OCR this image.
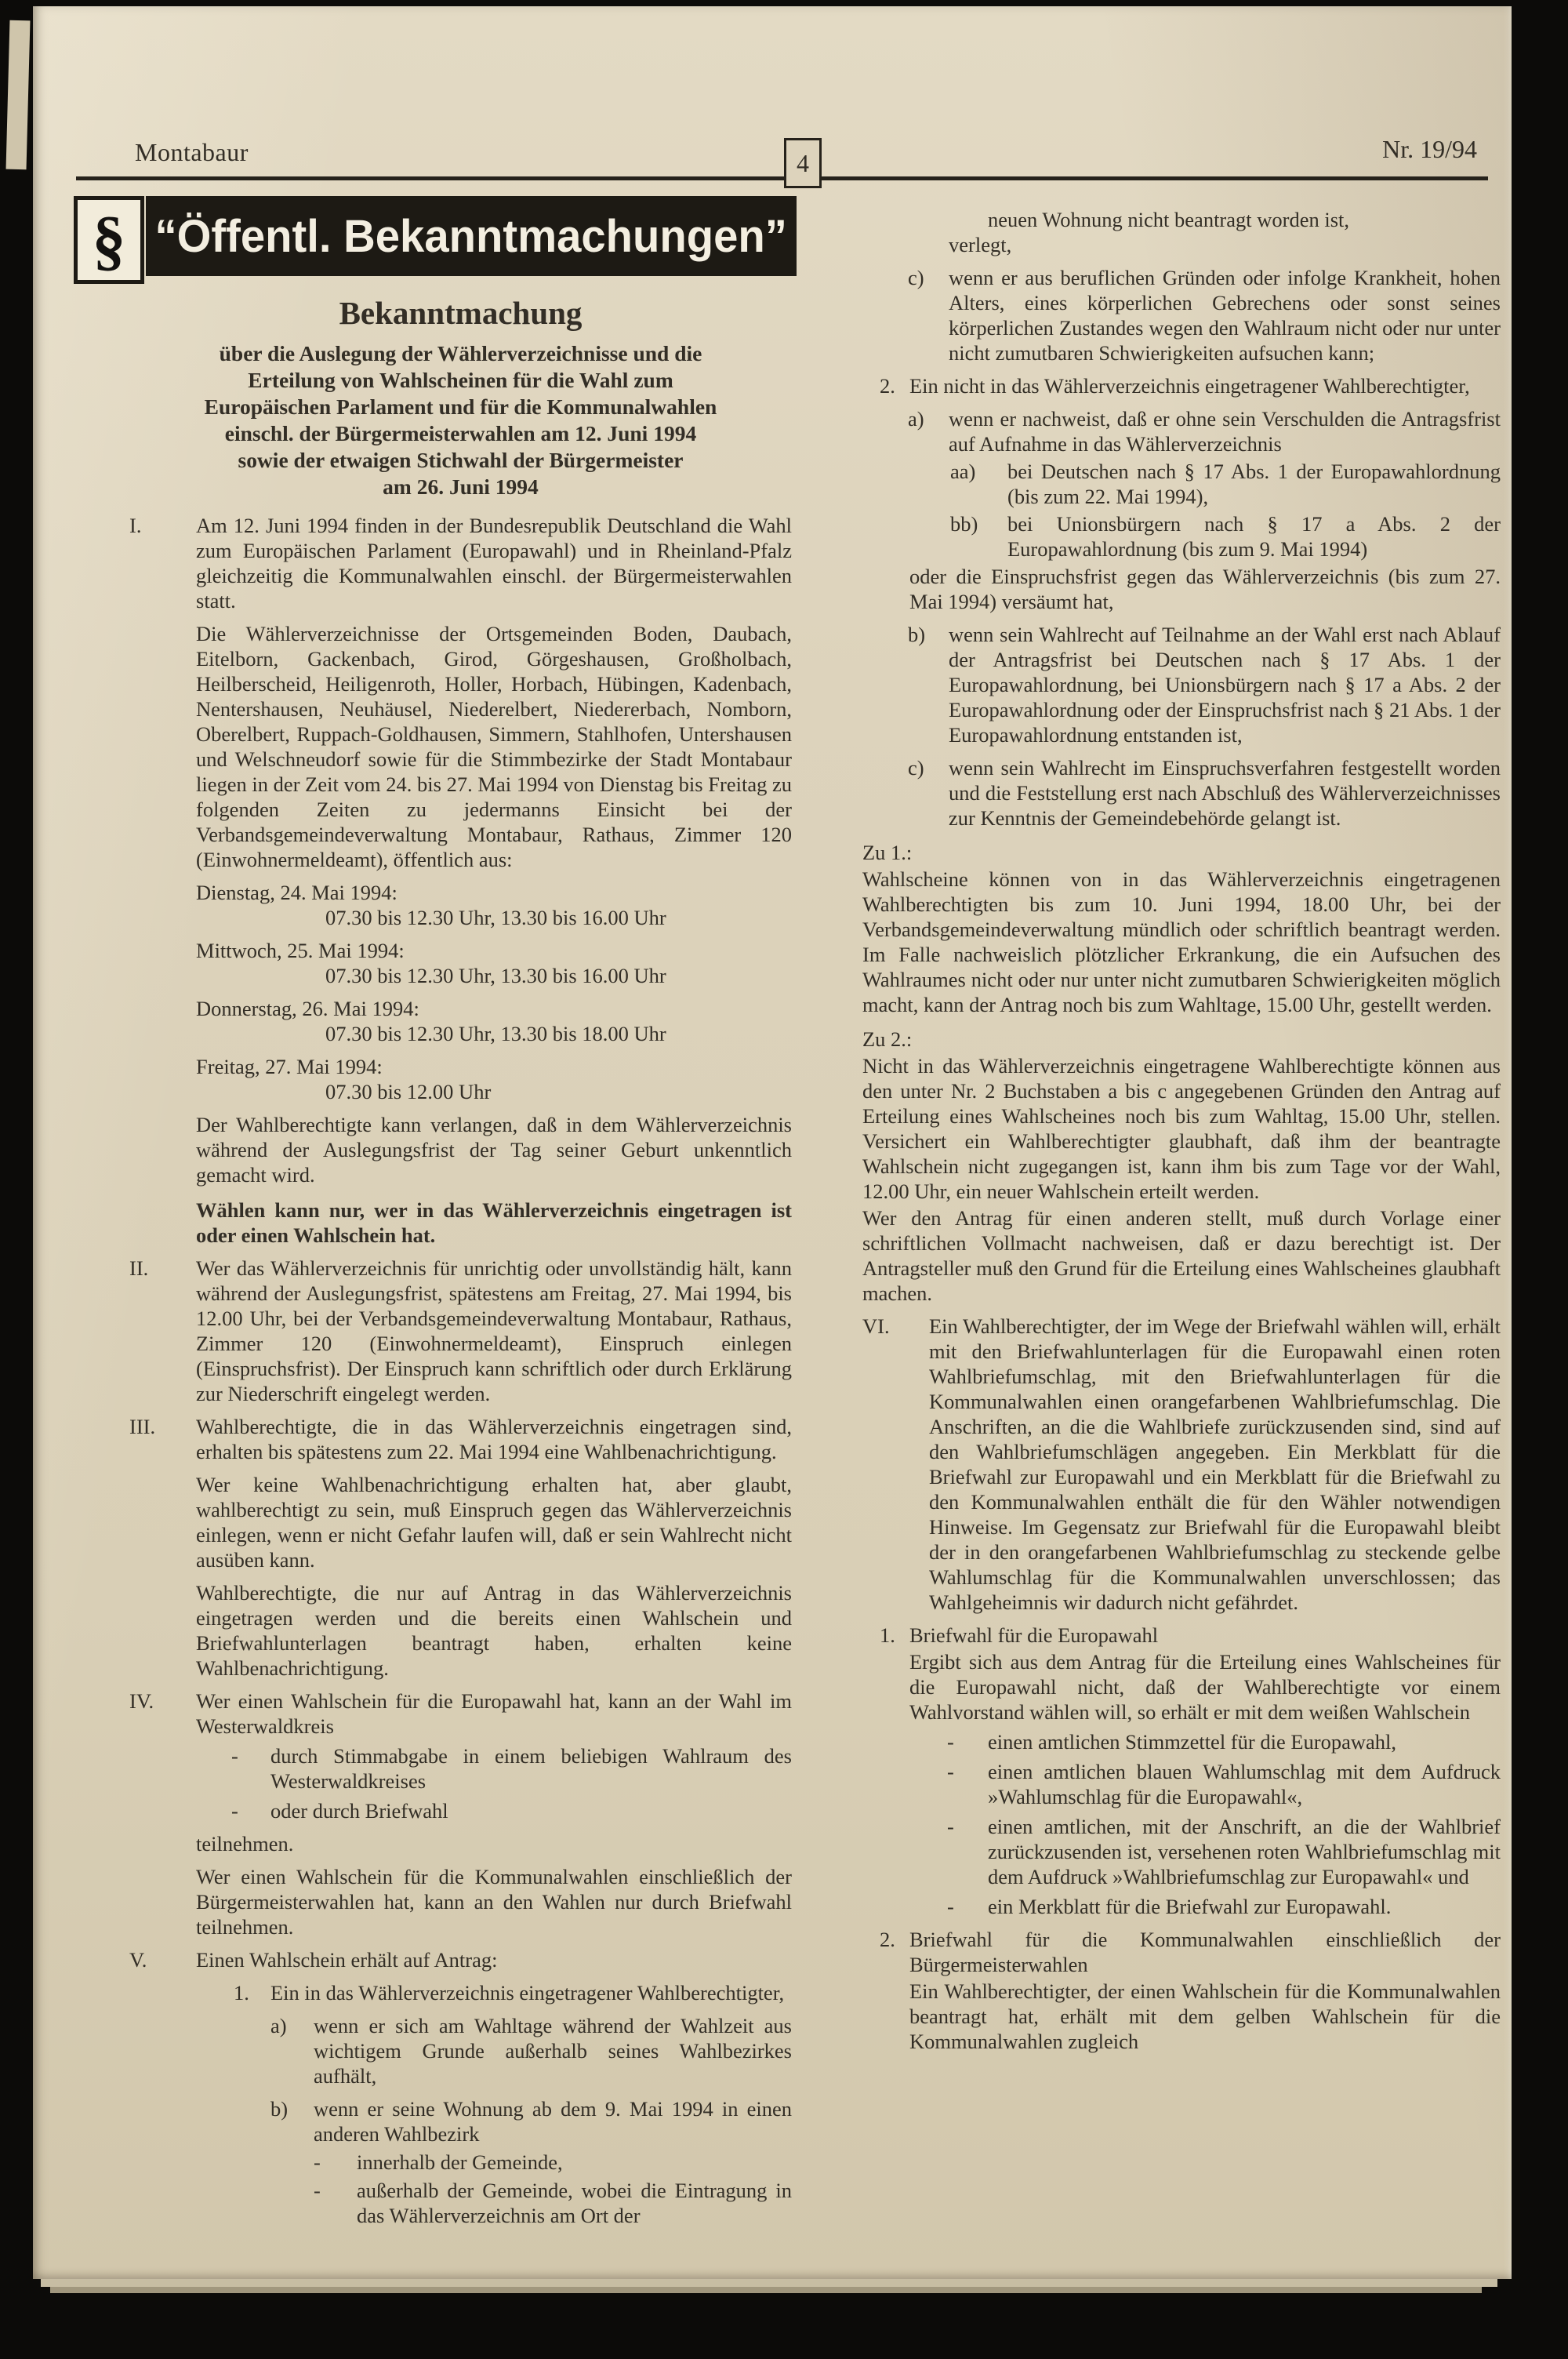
Montabaur	4	Nr. 19/94
§ “Öffentl. Bekanntmachungen”
Bekanntmachung
über die Auslegung der Wählerverzeichnisse und die
Erteilung von Wahlscheinen für die Wahl zum
Europäischen Parlament und für die Kommunalwahlen
einschl. der Bürgermeisterwahlen am 12. Juni 1994
sowie der etwaigen Stichwahl der Bürgermeister
am 26. Juni 1994
I.	Am 12. Juni 1994 finden in der Bundesrepublik Deutschland die Wahl zum Europäischen Parlament (Europawahl) und in Rheinland-Pfalz gleichzeitig die Kommunalwahlen einschl. der Bürgermeisterwahlen statt.
Die Wählerverzeichnisse der Ortsgemeinden Boden, Daubach, Eitelborn, Gackenbach, Girod, Görgeshausen, Großholbach, Heilberscheid, Heiligenroth, Holler, Horbach, Hübingen, Kadenbach, Nentershausen, Neuhäusel, Niederelbert, Niedererbach, Nomborn, Oberelbert, Ruppach-Goldhausen, Simmern, Stahlhofen, Untershausen und Welschneudorf sowie für die Stimmbezirke der Stadt Montabaur liegen in der Zeit vom 24. bis 27. Mai 1994 von Dienstag bis Freitag zu folgenden Zeiten zu jedermanns Einsicht bei der Verbandsgemeindeverwaltung Montabaur, Rathaus, Zimmer 120 (Einwohnermeldeamt), öffentlich aus:
Dienstag, 24. Mai 1994:
07.30 bis 12.30 Uhr, 13.30 bis 16.00 Uhr
Mittwoch, 25. Mai 1994:
07.30 bis 12.30 Uhr, 13.30 bis 16.00 Uhr
Donnerstag, 26. Mai 1994:
07.30 bis 12.30 Uhr, 13.30 bis 18.00 Uhr
Freitag, 27. Mai 1994:
07.30 bis 12.00 Uhr
Der Wahlberechtigte kann verlangen, daß in dem Wählerverzeichnis während der Auslegungsfrist der Tag seiner Geburt unkenntlich gemacht wird.
Wählen kann nur, wer in das Wählerverzeichnis eingetragen ist oder einen Wahlschein hat.
II. Wer das Wählerverzeichnis für unrichtig oder unvollständig hält, kann während der Auslegungsfrist, spätestens am Freitag, 27. Mai 1994, bis 12.00 Uhr, bei der Verbandsgemeindeverwaltung Montabaur, Rathaus, Zimmer 120 (Einwohnermeldeamt), Einspruch einlegen (Einspruchsfrist). Der Einspruch kann schriftlich oder durch Erklärung zur Niederschrift eingelegt werden.
III. Wahlberechtigte, die in das Wählerverzeichnis eingetragen sind, erhalten bis spätestens zum 22. Mai 1994 eine Wahlbenachrichtigung.
Wer keine Wahlbenachrichtigung erhalten hat, aber glaubt, wahlberechtigt zu sein, muß Einspruch gegen das Wählerverzeichnis einlegen, wenn er nicht Gefahr laufen will, daß er sein Wahlrecht nicht ausüben kann.
Wahlberechtigte, die nur auf Antrag in das Wählerverzeichnis eingetragen werden und die bereits einen Wahlschein und Briefwahlunterlagen beantragt haben, erhalten keine Wahlbenachrichtigung.
IV. Wer einen Wahlschein für die Europawahl hat, kann an der Wahl im Westerwaldkreis
- durch Stimmabgabe in einem beliebigen Wahlraum des Westerwaldkreises
- oder durch Briefwahl
teilnehmen.
Wer einen Wahlschein für die Kommunalwahlen einschließlich der Bürgermeisterwahlen hat, kann an den Wahlen nur durch Briefwahl teilnehmen.
V. Einen Wahlschein erhält auf Antrag:
1. Ein in das Wählerverzeichnis eingetragener Wahlberechtigter,
a) wenn er sich am Wahltage während der Wahlzeit aus wichtigem Grunde außerhalb seines Wahlbezirkes aufhält,
b) wenn er seine Wohnung ab dem 9. Mai 1994 in einen anderen Wahlbezirk
- innerhalb der Gemeinde,
- außerhalb der Gemeinde, wobei die Eintragung in das Wählerverzeichnis am Ort der
neuen Wohnung nicht beantragt worden ist,
verlegt,
c) wenn er aus beruflichen Gründen oder infolge Krankheit, hohen Alters, eines körperlichen Gebrechens oder sonst seines körperlichen Zustandes wegen den Wahlraum nicht oder nur unter nicht zumutbaren Schwierigkeiten aufsuchen kann;
2. Ein nicht in das Wählerverzeichnis eingetragener Wahlberechtigter,
a) wenn er nachweist, daß er ohne sein Verschulden die Antragsfrist auf Aufnahme in das Wählerverzeichnis
aa) bei Deutschen nach § 17 Abs. 1 der Europawahlordnung (bis zum 22. Mai 1994),
bb) bei Unionsbürgern nach § 17 a Abs. 2 der Europawahlordnung (bis zum 9. Mai 1994)
oder die Einspruchsfrist gegen das Wählerverzeichnis (bis zum 27. Mai 1994) versäumt hat,
b) wenn sein Wahlrecht auf Teilnahme an der Wahl erst nach Ablauf der Antragsfrist bei Deutschen nach § 17 Abs. 1 der Europawahlordnung, bei Unionsbürgern nach § 17 a Abs. 2 der Europawahlordnung oder der Einspruchsfrist nach § 21 Abs. 1 der Europawahlordnung entstanden ist,
c) wenn sein Wahlrecht im Einspruchsverfahren festgestellt worden und die Feststellung erst nach Abschluß des Wählerverzeichnisses zur Kenntnis der Gemeindebehörde gelangt ist.
Zu 1.:
Wahlscheine können von in das Wählerverzeichnis eingetragenen Wahlberechtigten bis zum 10. Juni 1994, 18.00 Uhr, bei der Verbandsgemeindeverwaltung mündlich oder schriftlich beantragt werden. Im Falle nachweislich plötzlicher Erkrankung, die ein Aufsuchen des Wahlraumes nicht oder nur unter nicht zumutbaren Schwierigkeiten möglich macht, kann der Antrag noch bis zum Wahltage, 15.00 Uhr, gestellt werden.
Zu 2.:
Nicht in das Wählerverzeichnis eingetragene Wahlberechtigte können aus den unter Nr. 2 Buchstaben a bis c angegebenen Gründen den Antrag auf Erteilung eines Wahlscheines noch bis zum Wahltag, 15.00 Uhr, stellen. Versichert ein Wahlberechtigter glaubhaft, daß ihm der beantragte Wahlschein nicht zugegangen ist, kann ihm bis zum Tage vor der Wahl, 12.00 Uhr, ein neuer Wahlschein erteilt werden.
Wer den Antrag für einen anderen stellt, muß durch Vorlage einer schriftlichen Vollmacht nachweisen, daß er dazu berechtigt ist. Der Antragsteller muß den Grund für die Erteilung eines Wahlscheines glaubhaft machen.
VI. Ein Wahlberechtigter, der im Wege der Briefwahl wählen will, erhält mit den Briefwahlunterlagen für die Europawahl einen roten Wahlbriefumschlag, mit den Briefwahlunterlagen für die Kommunalwahlen einen orangefarbenen Wahlbriefumschlag. Die Anschriften, an die die Wahlbriefe zurückzusenden sind, sind auf den Wahlbriefumschlägen angegeben. Ein Merkblatt für die Briefwahl zur Europawahl und ein Merkblatt für die Briefwahl zu den Kommunalwahlen enthält die für den Wähler notwendigen Hinweise. Im Gegensatz zur Briefwahl für die Europawahl bleibt der in den orangefarbenen Wahlbriefumschlag zu steckende gelbe Wahlumschlag für die Kommunalwahlen unverschlossen; das Wahlgeheimnis wir dadurch nicht gefährdet.
1. Briefwahl für die Europawahl
Ergibt sich aus dem Antrag für die Erteilung eines Wahlscheines für die Europawahl nicht, daß der Wahlberechtigte vor einem Wahlvorstand wählen will, so erhält er mit dem weißen Wahlschein
- einen amtlichen Stimmzettel für die Europawahl,
- einen amtlichen blauen Wahlumschlag mit dem Aufdruck »Wahlumschlag für die Europawahl«,
- einen amtlichen, mit der Anschrift, an die der Wahlbrief zurückzusenden ist, versehenen roten Wahlbriefumschlag mit dem Aufdruck »Wahlbriefumschlag zur Europawahl« und
- ein Merkblatt für die Briefwahl zur Europawahl.
2. Briefwahl für die Kommunalwahlen einschließlich der Bürgermeisterwahlen
Ein Wahlberechtigter, der einen Wahlschein für die Kommunalwahlen beantragt hat, erhält mit dem gelben Wahlschein für die Kommunalwahlen zugleich
